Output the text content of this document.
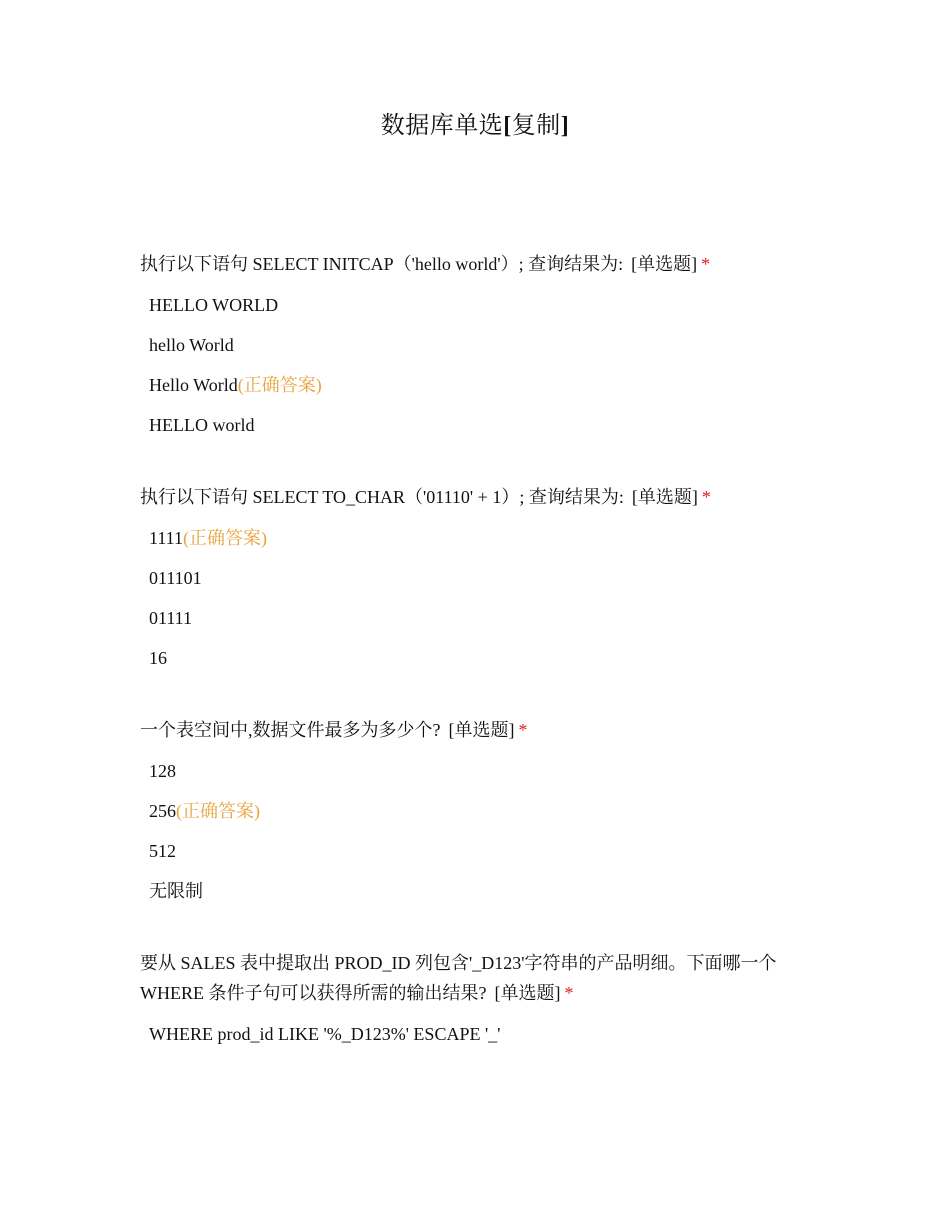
数据库单选[复制]
执行以下语句 SELECT INITCAP（'hello world'）; 查询结果为: [单选题] *
HELLO WORLD
hello World
Hello World(正确答案)
HELLO world
执行以下语句 SELECT TO_CHAR（'01110' + 1）; 查询结果为: [单选题] *
1111(正确答案)
011101
01111
16
一个表空间中,数据文件最多为多少个? [单选题] *
128
256(正确答案)
512
无限制
要从 SALES 表中提取出 PROD_ID 列包含'_D123'字符串的产品明细。下面哪一个 WHERE 条件子句可以获得所需的输出结果? [单选题] *
WHERE prod_id LIKE '%_D123%' ESCAPE '_'
